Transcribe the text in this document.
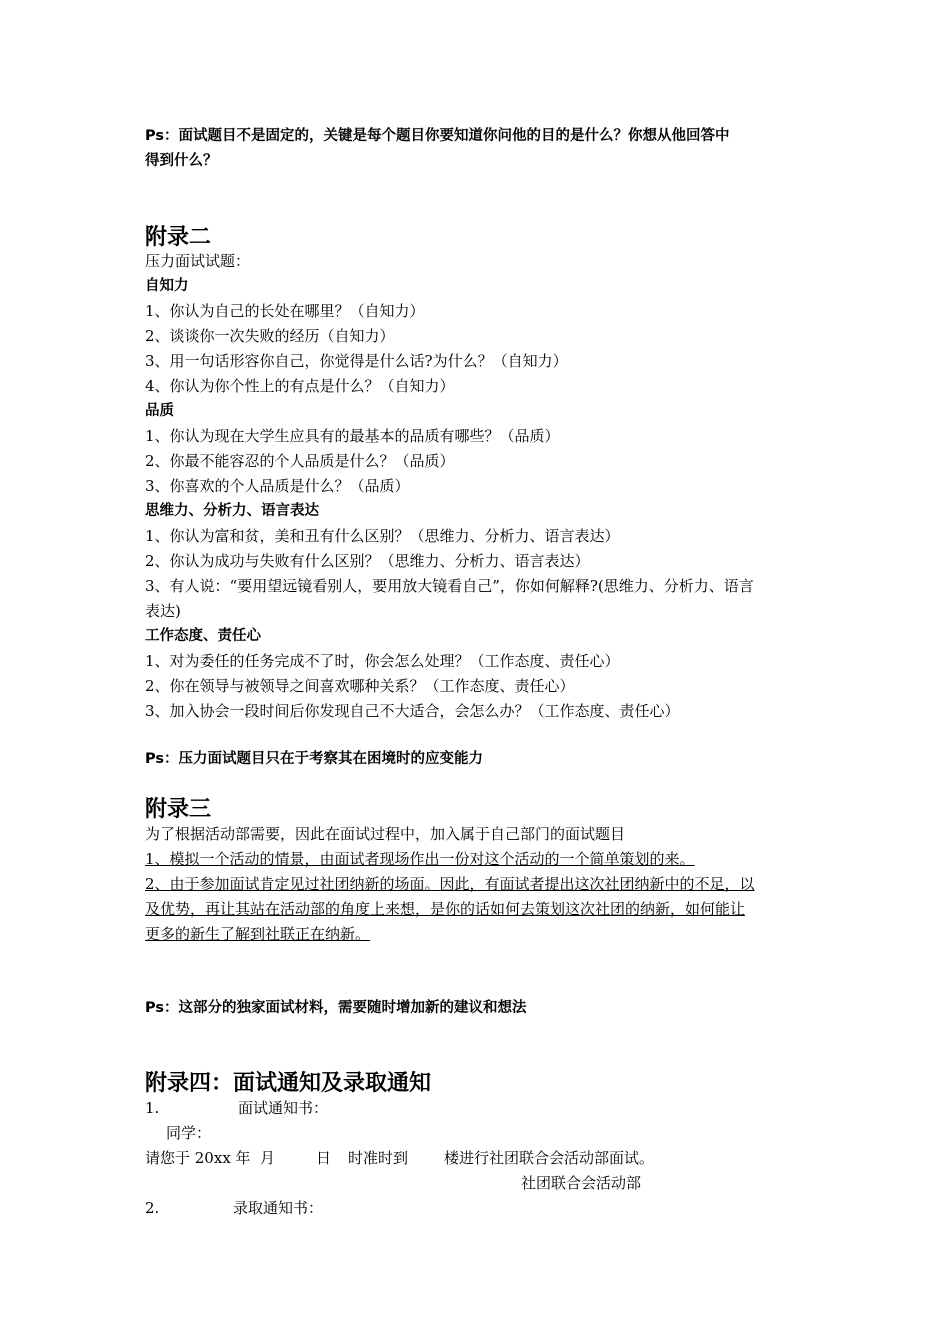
Ps：面试题目不是固定的，关键是每个题目你要知道你问他的目的是什么？你想从他回答中
得到什么？
附录二
压力面试试题：
自知力
1、你认为自己的长处在哪里？（自知力）
2、谈谈你一次失败的经历（自知力）
3、用一句话形容你自己，你觉得是什么话?为什么？（自知力）
4、你认为你个性上的有点是什么？（自知力）
品质
1、你认为现在大学生应具有的最基本的品质有哪些？（品质）
2、你最不能容忍的个人品质是什么？（品质）
3、你喜欢的个人品质是什么？（品质）
思维力、分析力、语言表达
1、你认为富和贫，美和丑有什么区别？（思维力、分析力、语言表达）
2、你认为成功与失败有什么区别？（思维力、分析力、语言表达）
3、有人说：“要用望远镜看别人，要用放大镜看自己”，你如何解释?(思维力、分析力、语言
表达)
工作态度、责任心
1、对为委任的任务完成不了时，你会怎么处理？（工作态度、责任心）
2、你在领导与被领导之间喜欢哪种关系？（工作态度、责任心）
3、加入协会一段时间后你发现自己不大适合，会怎么办？（工作态度、责任心）
Ps：压力面试题目只在于考察其在困境时的应变能力
附录三
为了根据活动部需要，因此在面试过程中，加入属于自己部门的面试题目
1、模拟一个活动的情景，由面试者现场作出一份对这个活动的一个简单策划的来。
2、由于参加面试肯定见过社团纳新的场面。因此，有面试者提出这次社团纳新中的不足，以
及优势，再让其站在活动部的角度上来想，是你的话如何去策划这次社团的纳新，如何能让
更多的新生了解到社联正在纳新。
Ps：这部分的独家面试材料，需要随时增加新的建议和想法
附录四：面试通知及录取通知
1.	面试通知书：
同学：
请您于 20xx 年 月	日 时准时到 楼进行社团联合会活动部面试。
社团联合会活动部
2.	录取通知书：
